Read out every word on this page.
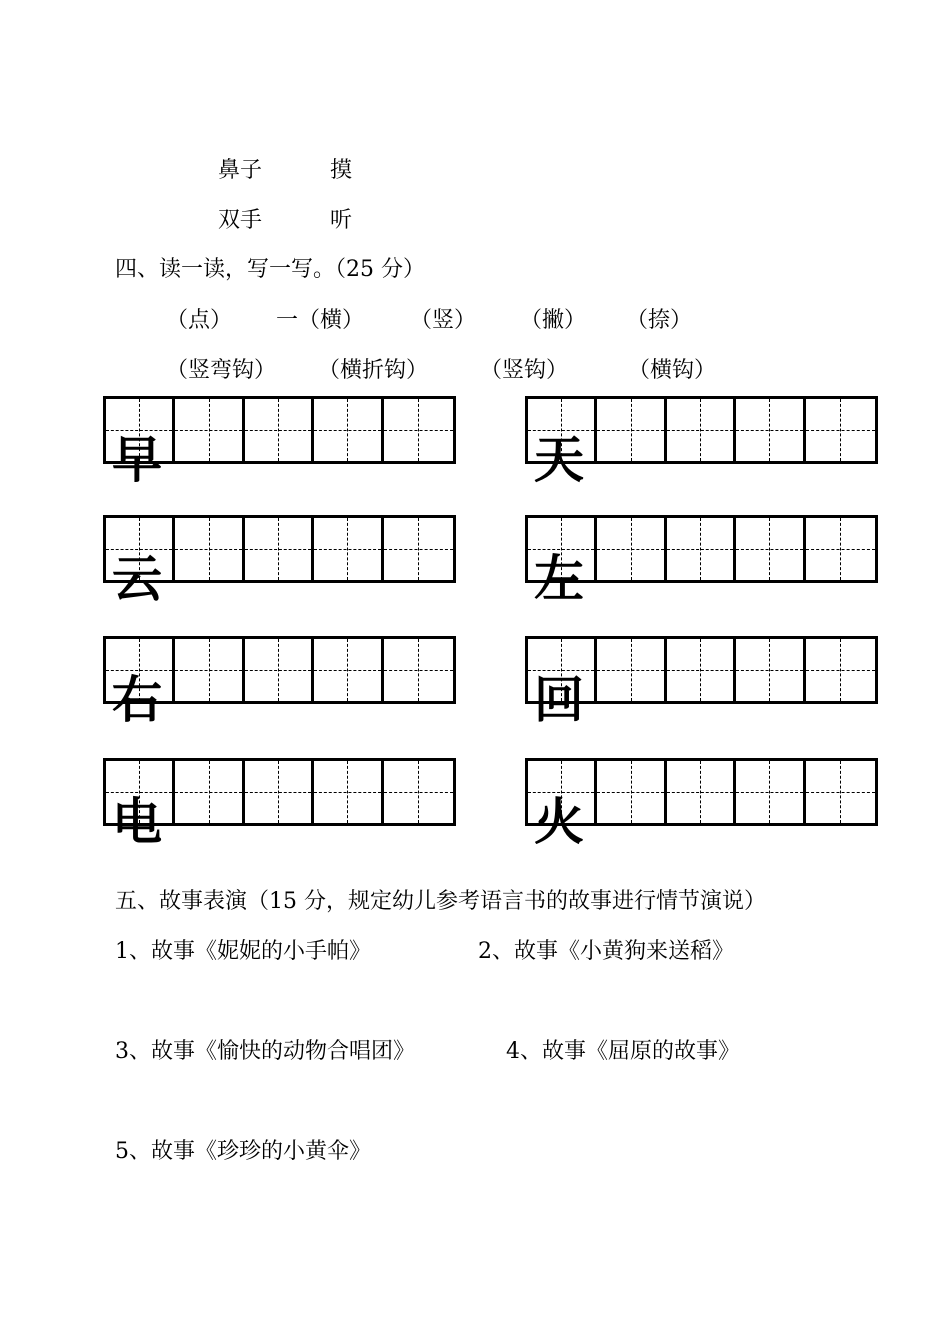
鼻子	摸
双手	听
四、读一读，写一写。（25 分）
（点） 一（横） （竖） （撇） （捺）
（竖弯钩） （横折钩） （竖钩）	（横钩）
早	天
云	左
右	回
电	火
五、故事表演（15 分，规定幼儿参考语言书的故事进行情节演说）
1、故事《妮妮的小手帕》	2、故事《小黄狗来送稻》
3、故事《愉快的动物合唱团》	4、故事《屈原的故事》
5、故事《珍珍的小黄伞》
